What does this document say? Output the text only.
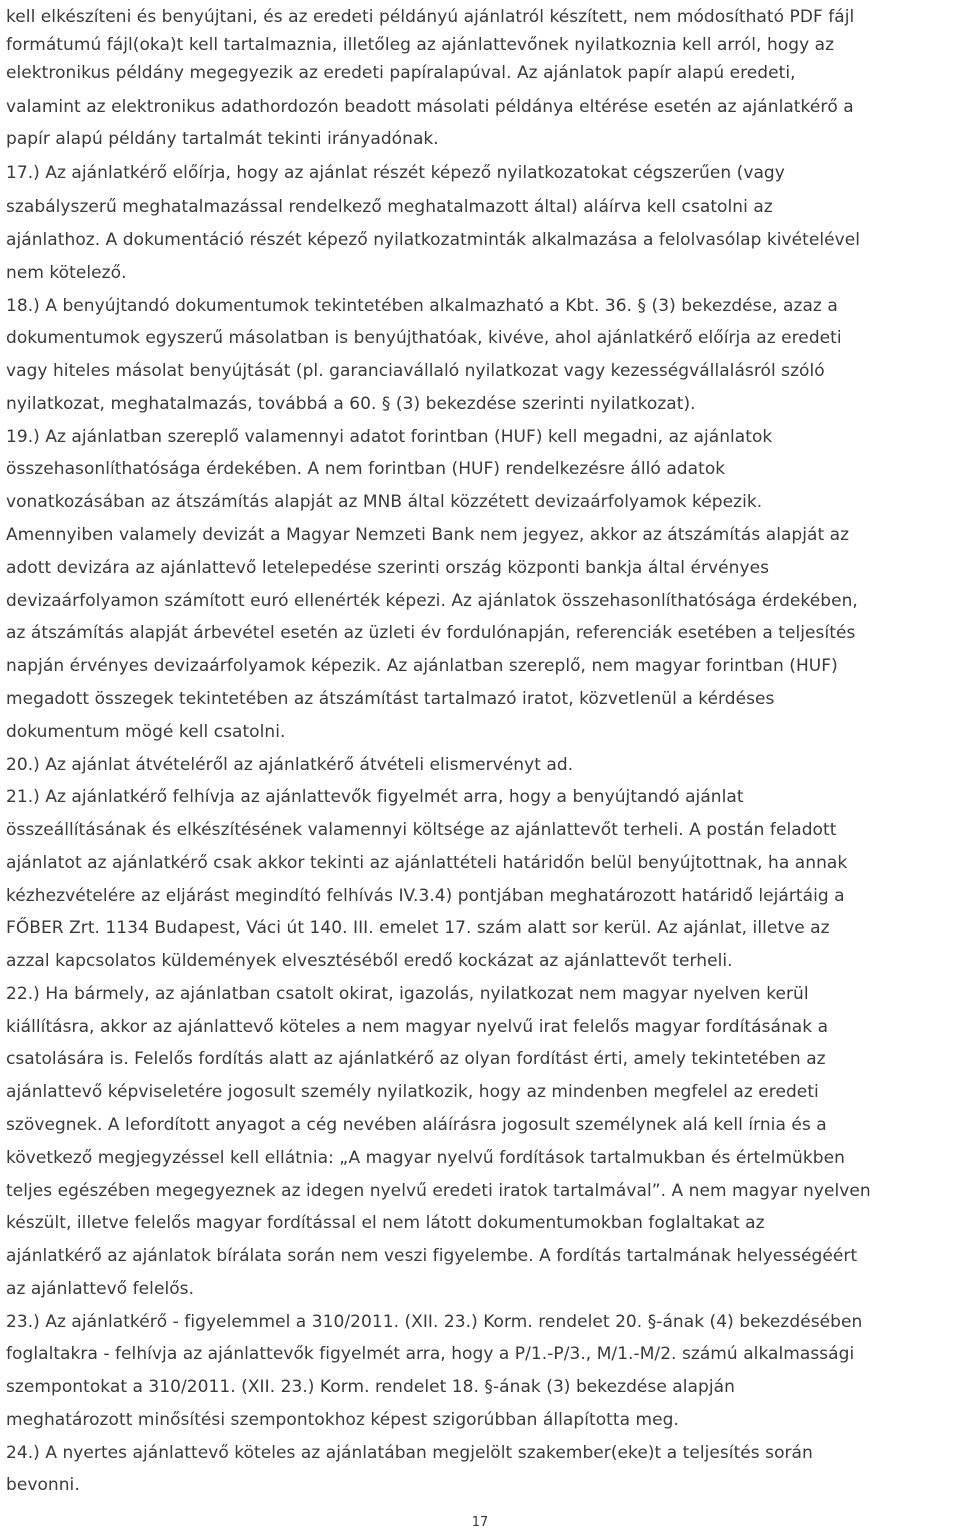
kell elkészíteni és benyújtani, és az eredeti példányú ajánlatról készített, nem módosítható PDF fájl
formátumú fájl(oka)t kell tartalmaznia, illetőleg az ajánlattevőnek nyilatkoznia kell arról, hogy az
elektronikus példány megegyezik az eredeti papíralapúval. Az ajánlatok papír alapú eredeti,
valamint az elektronikus adathordozón beadott másolati példánya eltérése esetén az ajánlatkérő a
papír alapú példány tartalmát tekinti irányadónak.
17.) Az ajánlatkérő előírja, hogy az ajánlat részét képező nyilatkozatokat cégszerűen (vagy
szabályszerű meghatalmazással rendelkező meghatalmazott által) aláírva kell csatolni az
ajánlathoz. A dokumentáció részét képező nyilatkozatminták alkalmazása a felolvasólap kivételével
nem kötelező.
18.) A benyújtandó dokumentumok tekintetében alkalmazható a Kbt. 36. § (3) bekezdése, azaz a
dokumentumok egyszerű másolatban is benyújthatóak, kivéve, ahol ajánlatkérő előírja az eredeti
vagy hiteles másolat benyújtását (pl. garanciavállaló nyilatkozat vagy kezességvállalásról szóló
nyilatkozat, meghatalmazás, továbbá a 60. § (3) bekezdése szerinti nyilatkozat).
19.) Az ajánlatban szereplő valamennyi adatot forintban (HUF) kell megadni, az ajánlatok
összehasonlíthatósága érdekében. A nem forintban (HUF) rendelkezésre álló adatok
vonatkozásában az átszámítás alapját az MNB által közzétett devizaárfolyamok képezik.
Amennyiben valamely devizát a Magyar Nemzeti Bank nem jegyez, akkor az átszámítás alapját az
adott devizára az ajánlattevő letelepedése szerinti ország központi bankja által érvényes
devizaárfolyamon számított euró ellenérték képezi. Az ajánlatok összehasonlíthatósága érdekében,
az átszámítás alapját árbevétel esetén az üzleti év fordulónapján, referenciák esetében a teljesítés
napján érvényes devizaárfolyamok képezik. Az ajánlatban szereplő, nem magyar forintban (HUF)
megadott összegek tekintetében az átszámítást tartalmazó iratot, közvetlenül a kérdéses
dokumentum mögé kell csatolni.
20.) Az ajánlat átvételéről az ajánlatkérő átvételi elismervényt ad.
21.) Az ajánlatkérő felhívja az ajánlattevők figyelmét arra, hogy a benyújtandó ajánlat
összeállításának és elkészítésének valamennyi költsége az ajánlattevőt terheli. A postán feladott
ajánlatot az ajánlatkérő csak akkor tekinti az ajánlattételi határidőn belül benyújtottnak, ha annak
kézhezvételére az eljárást megindító felhívás IV.3.4) pontjában meghatározott határidő lejártáig a
FŐBER Zrt. 1134 Budapest, Váci út 140. III. emelet 17. szám alatt sor kerül. Az ajánlat, illetve az
azzal kapcsolatos küldemények elvesztéséből eredő kockázat az ajánlattevőt terheli.
22.) Ha bármely, az ajánlatban csatolt okirat, igazolás, nyilatkozat nem magyar nyelven kerül
kiállításra, akkor az ajánlattevő köteles a nem magyar nyelvű irat felelős magyar fordításának a
csatolására is. Felelős fordítás alatt az ajánlatkérő az olyan fordítást érti, amely tekintetében az
ajánlattevő képviseletére jogosult személy nyilatkozik, hogy az mindenben megfelel az eredeti
szövegnek. A lefordított anyagot a cég nevében aláírásra jogosult személynek alá kell írnia és a
következő megjegyzéssel kell ellátnia: „A magyar nyelvű fordítások tartalmukban és értelmükben
teljes egészében megegyeznek az idegen nyelvű eredeti iratok tartalmával”. A nem magyar nyelven
készült, illetve felelős magyar fordítással el nem látott dokumentumokban foglaltakat az
ajánlatkérő az ajánlatok bírálata során nem veszi figyelembe. A fordítás tartalmának helyességéért
az ajánlattevő felelős.
23.) Az ajánlatkérő - figyelemmel a 310/2011. (XII. 23.) Korm. rendelet 20. §-ának (4) bekezdésében
foglaltakra - felhívja az ajánlattevők figyelmét arra, hogy a P/1.-P/3., M/1.-M/2. számú alkalmassági
szempontokat a 310/2011. (XII. 23.) Korm. rendelet 18. §-ának (3) bekezdése alapján
meghatározott minősítési szempontokhoz képest szigorúbban állapította meg.
24.) A nyertes ajánlattevő köteles az ajánlatában megjelölt szakember(eke)t a teljesítés során
bevonni.
17
